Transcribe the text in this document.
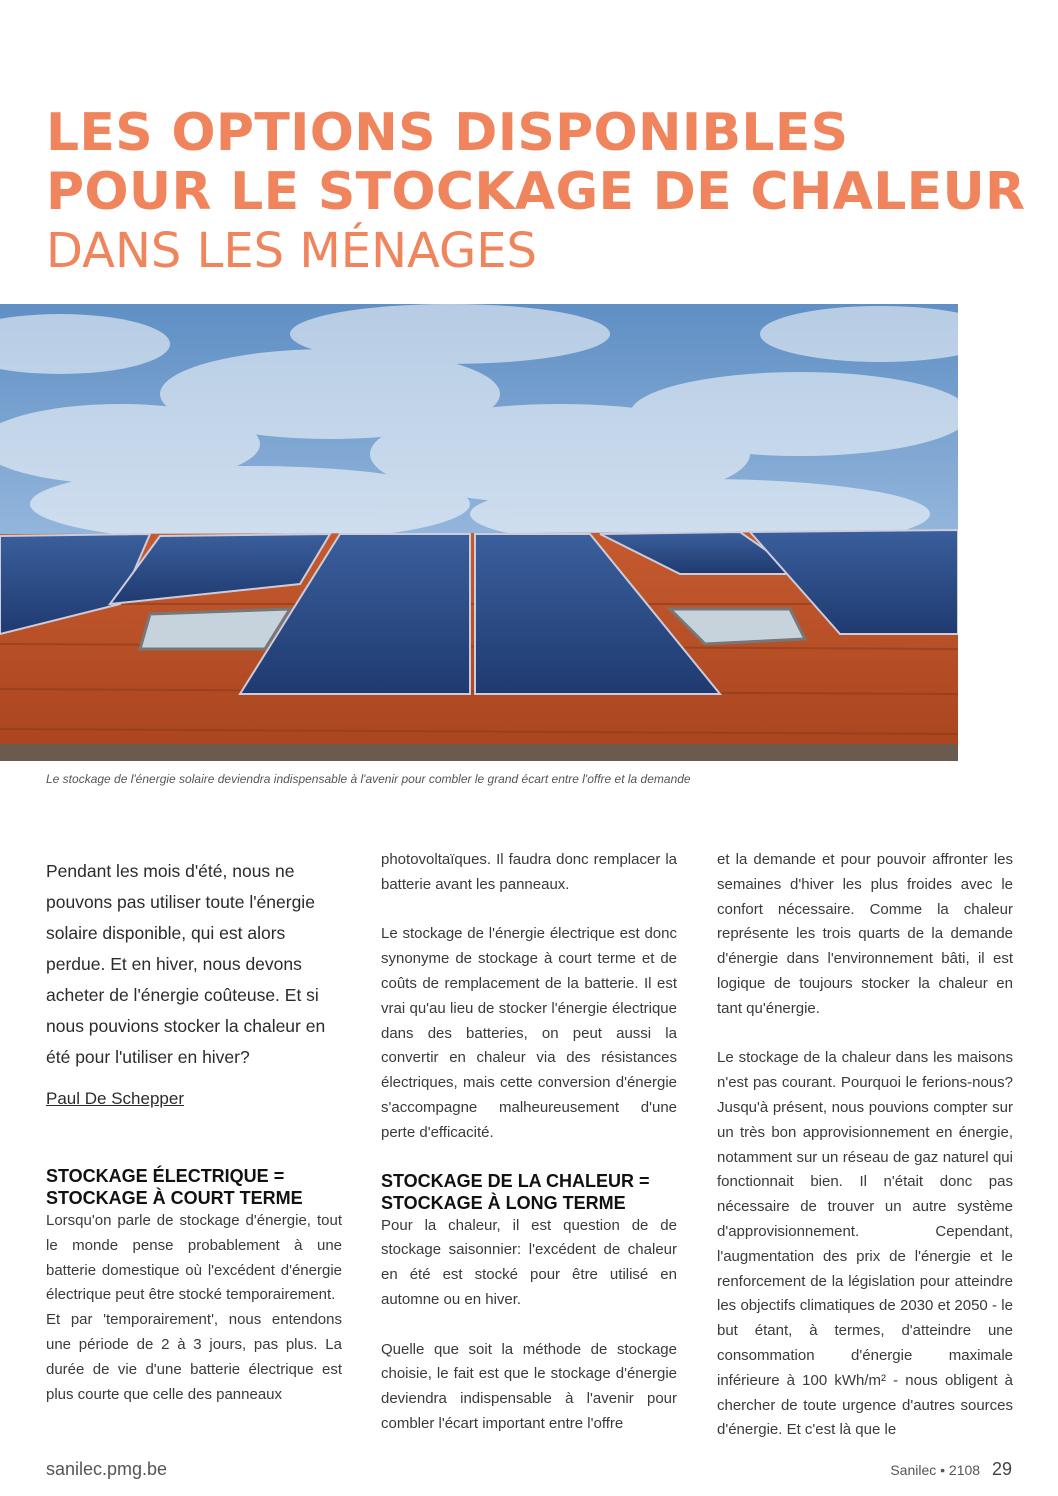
LES OPTIONS DISPONIBLES
POUR LE STOCKAGE DE CHALEUR
DANS LES MÉNAGES
Le stockage de l'énergie solaire deviendra indispensable à l'avenir pour combler le grand écart entre l'offre et la demande

Pendant les mois d'été, nous ne pouvons pas utiliser toute l'énergie solaire disponible, qui est alors perdue. Et en hiver, nous devons acheter de l'énergie coûteuse. Et si nous pouvions stocker la chaleur en été pour l'utiliser en hiver?

Paul De Schepper
STOCKAGE ÉLECTRIQUE =
STOCKAGE À COURT TERME

Lorsqu'on parle de stockage d'énergie, tout le monde pense probablement à une batterie domestique où l'excédent d'énergie électrique peut être stocké temporairement.

Et par 'temporairement', nous entendons une période de 2 à 3 jours, pas plus. La durée de vie d'une batterie électrique est plus courte que celle des panneaux

photovoltaïques. Il faudra donc remplacer la batterie avant les panneaux.

Le stockage de l'énergie électrique est donc synonyme de stockage à court terme et de coûts de remplacement de la batterie. Il est vrai qu'au lieu de stocker l'énergie électrique dans des batteries, on peut aussi la convertir en chaleur via des résistances électriques, mais cette conversion d'énergie s'accompagne malheureusement d'une perte d'efficacité.

STOCKAGE DE LA CHALEUR =
STOCKAGE À LONG TERME

Pour la chaleur, il est question de de stockage saisonnier: l'excédent de chaleur en été est stocké pour être utilisé en automne ou en hiver.

Quelle que soit la méthode de stockage choisie, le fait est que le stockage d'énergie deviendra indispensable à l'avenir pour combler l'écart important entre l'offre

et la demande et pour pouvoir affronter les semaines d'hiver les plus froides avec le confort nécessaire. Comme la chaleur représente les trois quarts de la demande d'énergie dans l'environnement bâti, il est logique de toujours stocker la chaleur en tant qu'énergie.

Le stockage de la chaleur dans les maisons n'est pas courant. Pourquoi le ferions-nous? Jusqu'à présent, nous pouvions compter sur un très bon approvisionnement en énergie, notamment sur un réseau de gaz naturel qui fonctionnait bien. Il n'était donc pas nécessaire de trouver un autre système d'approvisionnement. Cependant, l'augmentation des prix de l'énergie et le renforcement de la législation pour atteindre les objectifs climatiques de 2030 et 2050 - le but étant, à termes, d'atteindre une consommation d'énergie maximale inférieure à 100 kWh/m² - nous obligent à chercher de toute urgence d'autres sources d'énergie. Et c'est là que le

sanilec.pmg.be	Sanilec • 2108 29
